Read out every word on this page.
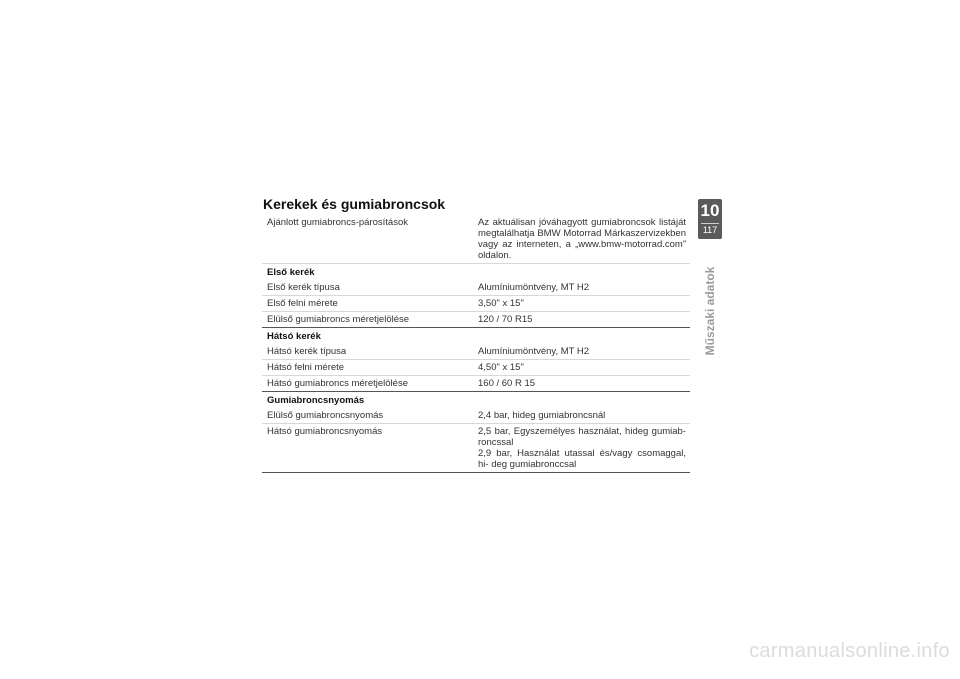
Kerekek és gumiabroncsok
Ajánlott gumiabroncs-párosítások	Az aktuálisan jóváhagyott gumiabroncsok listáját megtalálhatja BMW Motorrad Márkaszervizekben vagy az interneten, a „www.bmw-motorrad.com” oldalon.
Első kerék	
Első kerék típusa	Alumíniumöntvény, MT H2
Első felni mérete	3,50" x 15"
Elülső gumiabroncs méretjelölése	120 / 70 R15
Hátsó kerék	
Hátsó kerék típusa	Alumíniumöntvény, MT H2
Hátsó felni mérete	4,50" x 15"
Hátsó gumiabroncs méretjelölése	160 / 60 R 15
Gumiabroncsnyomás	
Elülső gumiabroncsnyomás	2,4 bar, hideg gumiabroncsnál
Hátsó gumiabroncsnyomás	2,5 bar, Egyszemélyes használat, hideg gumiab- roncssal

2,9 bar, Használat utassal és/vagy csomaggal, hi- deg gumiabronccsal

10
117
Műszaki adatok
carmanualsonline.info
